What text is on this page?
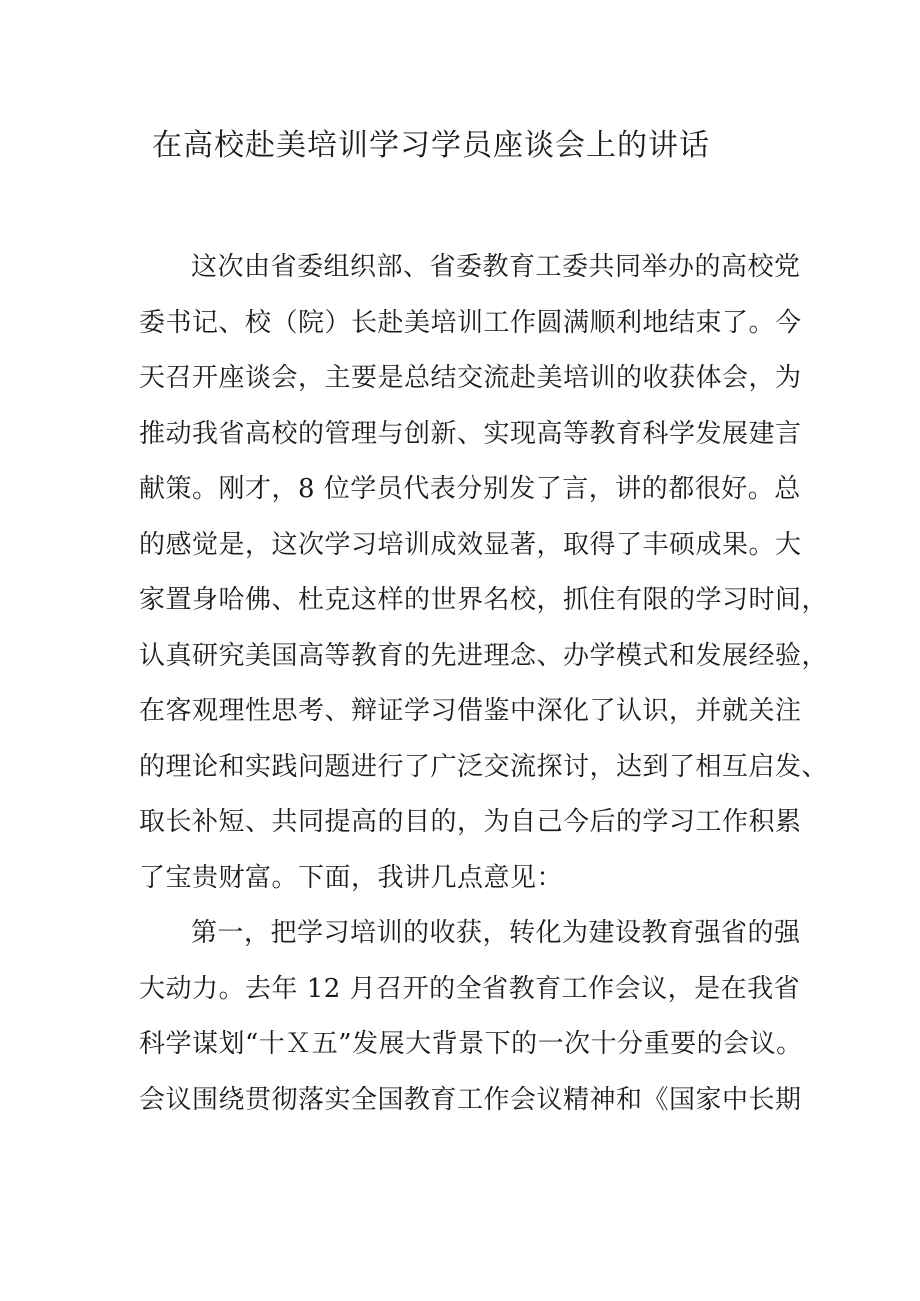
在高校赴美培训学习学员座谈会上的讲话
这次由省委组织部、省委教育工委共同举办的高校党
委书记、校（院）长赴美培训工作圆满顺利地结束了。今
天召开座谈会，主要是总结交流赴美培训的收获体会，为
推动我省高校的管理与创新、实现高等教育科学发展建言
献策。刚才，8 位学员代表分别发了言，讲的都很好。总
的感觉是，这次学习培训成效显著，取得了丰硕成果。大
家置身哈佛、杜克这样的世界名校，抓住有限的学习时间，
认真研究美国高等教育的先进理念、办学模式和发展经验，
在客观理性思考、辩证学习借鉴中深化了认识，并就关注
的理论和实践问题进行了广泛交流探讨，达到了相互启发、
取长补短、共同提高的目的，为自己今后的学习工作积累
了宝贵财富。下面，我讲几点意见：
第一，把学习培训的收获，转化为建设教育强省的强
大动力。去年 12 月召开的全省教育工作会议，是在我省
科学谋划“十Ｘ五”发展大背景下的一次十分重要的会议。
会议围绕贯彻落实全国教育工作会议精神和《国家中长期
